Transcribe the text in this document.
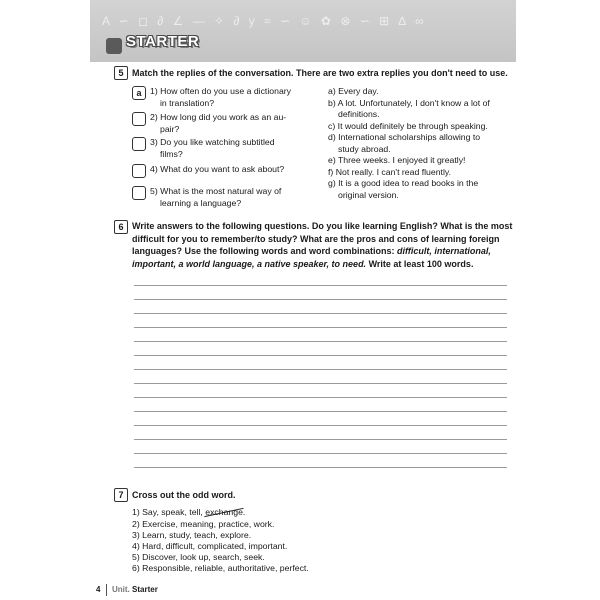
A ∽ ◻ ∂ ∠ — ✧ ∂ y ≈ ∽ ☺ ✿ ⊗ ∽ ⊞ ∆ ∞
STARTER
5 Match the replies of the conversation. There are two extra replies you don't need to use.
a 1) How often do you use a dictionary
in translation?
2) How long did you work as an au-
pair?
3) Do you like watching subtitled
films?
4) What do you want to ask about?
5) What is the most natural way of
learning a language?
a) Every day.
b) A lot. Unfortunately, I don't know a lot of
definitions.
c) It would definitely be through speaking.
d) International scholarships allowing to
study abroad.
e) Three weeks. I enjoyed it greatly!
f) Not really. I can't read fluently.
g) It is a good idea to read books in the
original version.
6 Write answers to the following questions. Do you like learning English? What is the most
difficult for you to remember/to study? What are the pros and cons of learning foreign
languages? Use the following words and word combinations: difficult, international,
important, a world language, a native speaker, to need. Write at least 100 words.
7 Cross out the odd word.
1) Say, speak, tell, exchange.
2) Exercise, meaning, practice, work.
3) Learn, study, teach, explore.
4) Hard, difficult, complicated, important.
5) Discover, look up, search, seek.
6) Responsible, reliable, authoritative, perfect.
4	Unit. Starter
